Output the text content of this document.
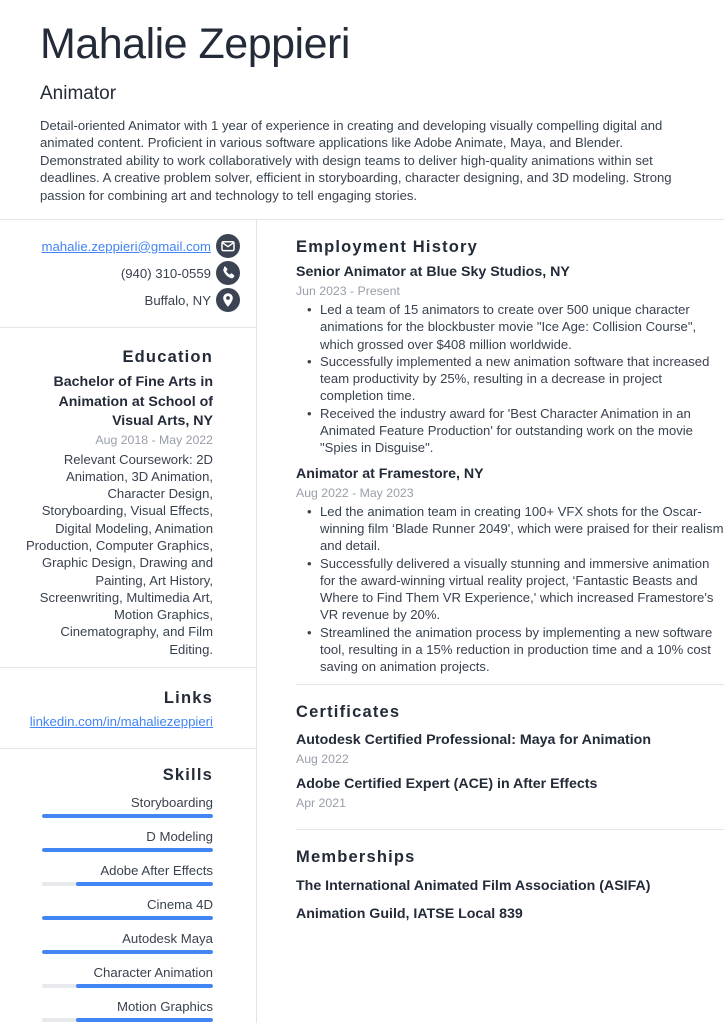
Mahalie Zeppieri
Animator
Detail-oriented Animator with 1 year of experience in creating and developing visually compelling digital and animated content. Proficient in various software applications like Adobe Animate, Maya, and Blender. Demonstrated ability to work collaboratively with design teams to deliver high-quality animations within set deadlines. A creative problem solver, efficient in storyboarding, character designing, and 3D modeling. Strong passion for combining art and technology to tell engaging stories.
mahalie.zeppieri@gmail.com
(940) 310-0559
Buffalo, NY
Education
Bachelor of Fine Arts in Animation at School of Visual Arts, NY
Aug 2018 - May 2022
Relevant Coursework: 2D Animation, 3D Animation, Character Design, Storyboarding, Visual Effects, Digital Modeling, Animation Production, Computer Graphics, Graphic Design, Drawing and Painting, Art History, Screenwriting, Multimedia Art, Motion Graphics, Cinematography, and Film Editing.
Links
linkedin.com/in/mahaliezeppieri
Skills
Storyboarding
D Modeling
Adobe After Effects
Cinema 4D
Autodesk Maya
Character Animation
Motion Graphics
Employment History
Senior Animator at Blue Sky Studios, NY
Jun 2023 - Present
• Led a team of 15 animators to create over 500 unique character animations for the blockbuster movie "Ice Age: Collision Course", which grossed over $408 million worldwide.
• Successfully implemented a new animation software that increased team productivity by 25%, resulting in a decrease in project completion time.
• Received the industry award for 'Best Character Animation in an Animated Feature Production' for outstanding work on the movie "Spies in Disguise".
Animator at Framestore, NY
Aug 2022 - May 2023
• Led the animation team in creating 100+ VFX shots for the Oscar-winning film ‘Blade Runner 2049', which were praised for their realism and detail.
• Successfully delivered a visually stunning and immersive animation for the award-winning virtual reality project, ‘Fantastic Beasts and Where to Find Them VR Experience,' which increased Framestore's VR revenue by 20%.
• Streamlined the animation process by implementing a new software tool, resulting in a 15% reduction in production time and a 10% cost saving on animation projects.
Certificates
Autodesk Certified Professional: Maya for Animation
Aug 2022
Adobe Certified Expert (ACE) in After Effects
Apr 2021
Memberships
The International Animated Film Association (ASIFA)
Animation Guild, IATSE Local 839
